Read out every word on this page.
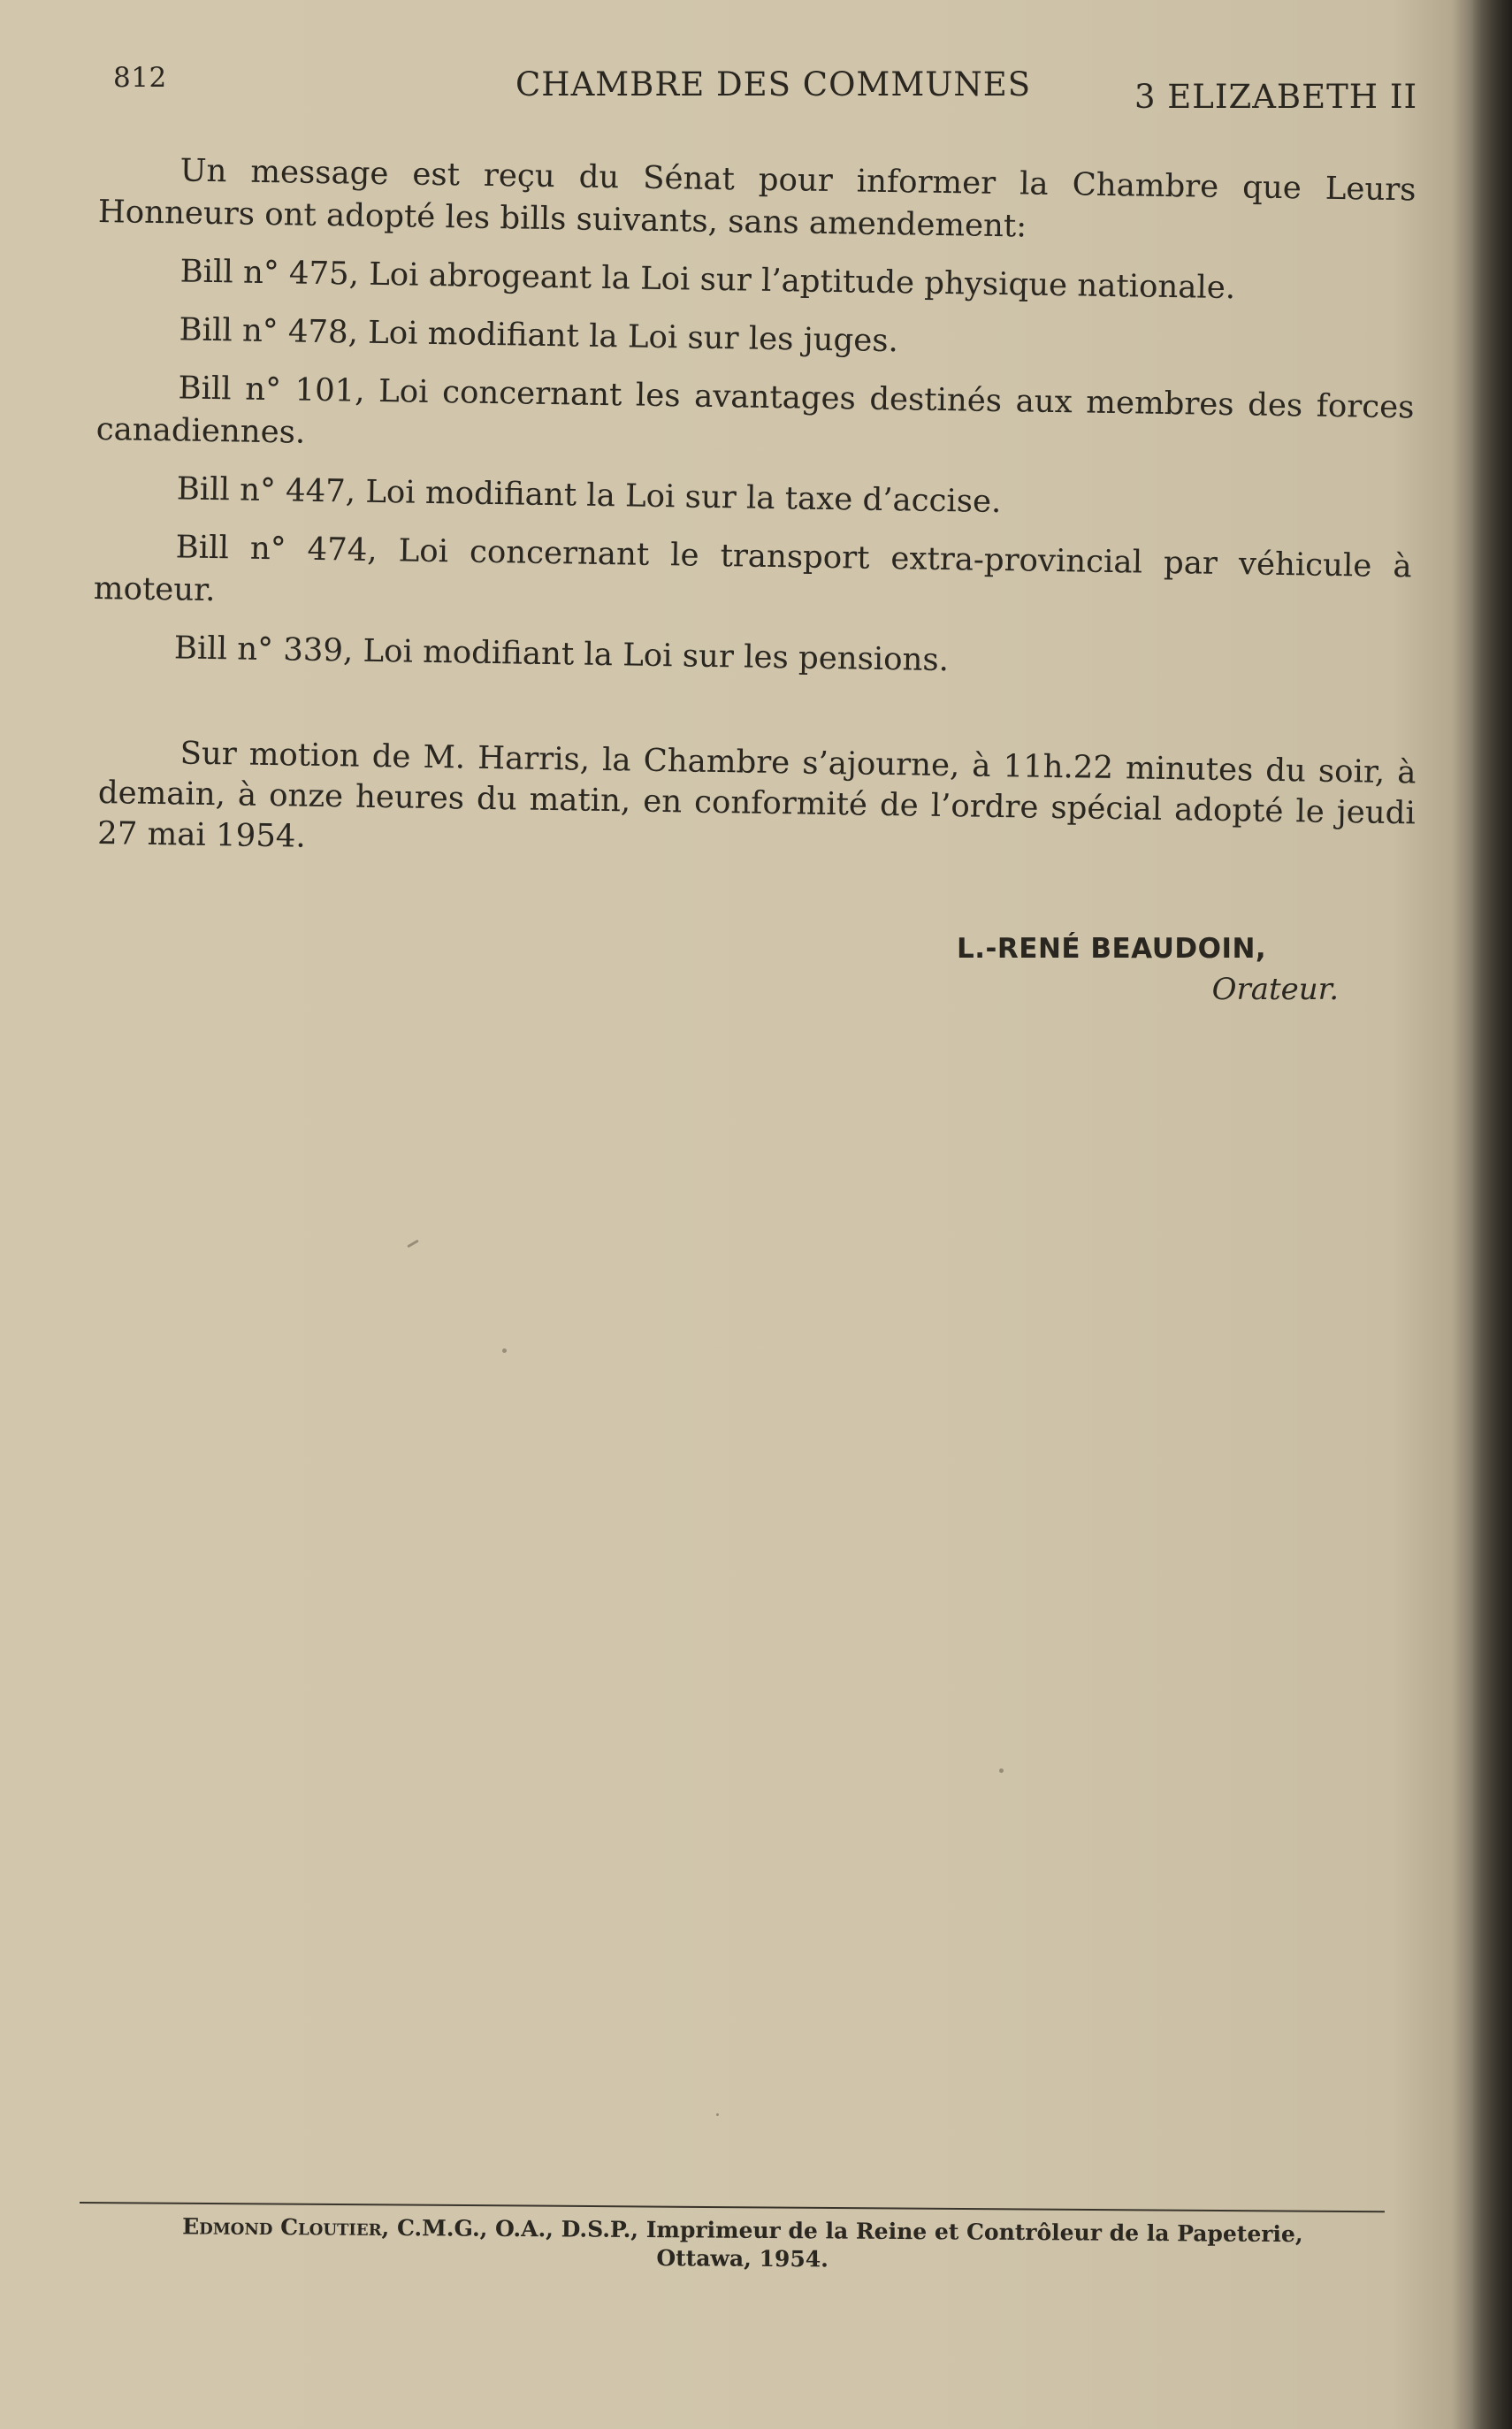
812	CHAMBRE DES COMMUNES	3 ELIZABETH II

Un message est reçu du Sénat pour informer la Chambre que Leurs Honneurs ont adopté les bills suivants, sans amendement:

Bill n° 475, Loi abrogeant la Loi sur l’aptitude physique nationale.

Bill n° 478, Loi modifiant la Loi sur les juges.

Bill n° 101, Loi concernant les avantages destinés aux membres des forces canadiennes.

Bill n° 447, Loi modifiant la Loi sur la taxe d’accise.

Bill n° 474, Loi concernant le transport extra-provincial par véhicule à moteur.

Bill n° 339, Loi modifiant la Loi sur les pensions.

Sur motion de M. Harris, la Chambre s’ajourne, à 11h.22 minutes du soir, à demain, à onze heures du matin, en conformité de l’ordre spécial adopté le jeudi 27 mai 1954.

L.-RENÉ BEAUDOIN,
Orateur.
Edmond Cloutier, C.M.G., O.A., D.S.P., Imprimeur de la Reine et Contrôleur de la Papeterie,
Ottawa, 1954.
